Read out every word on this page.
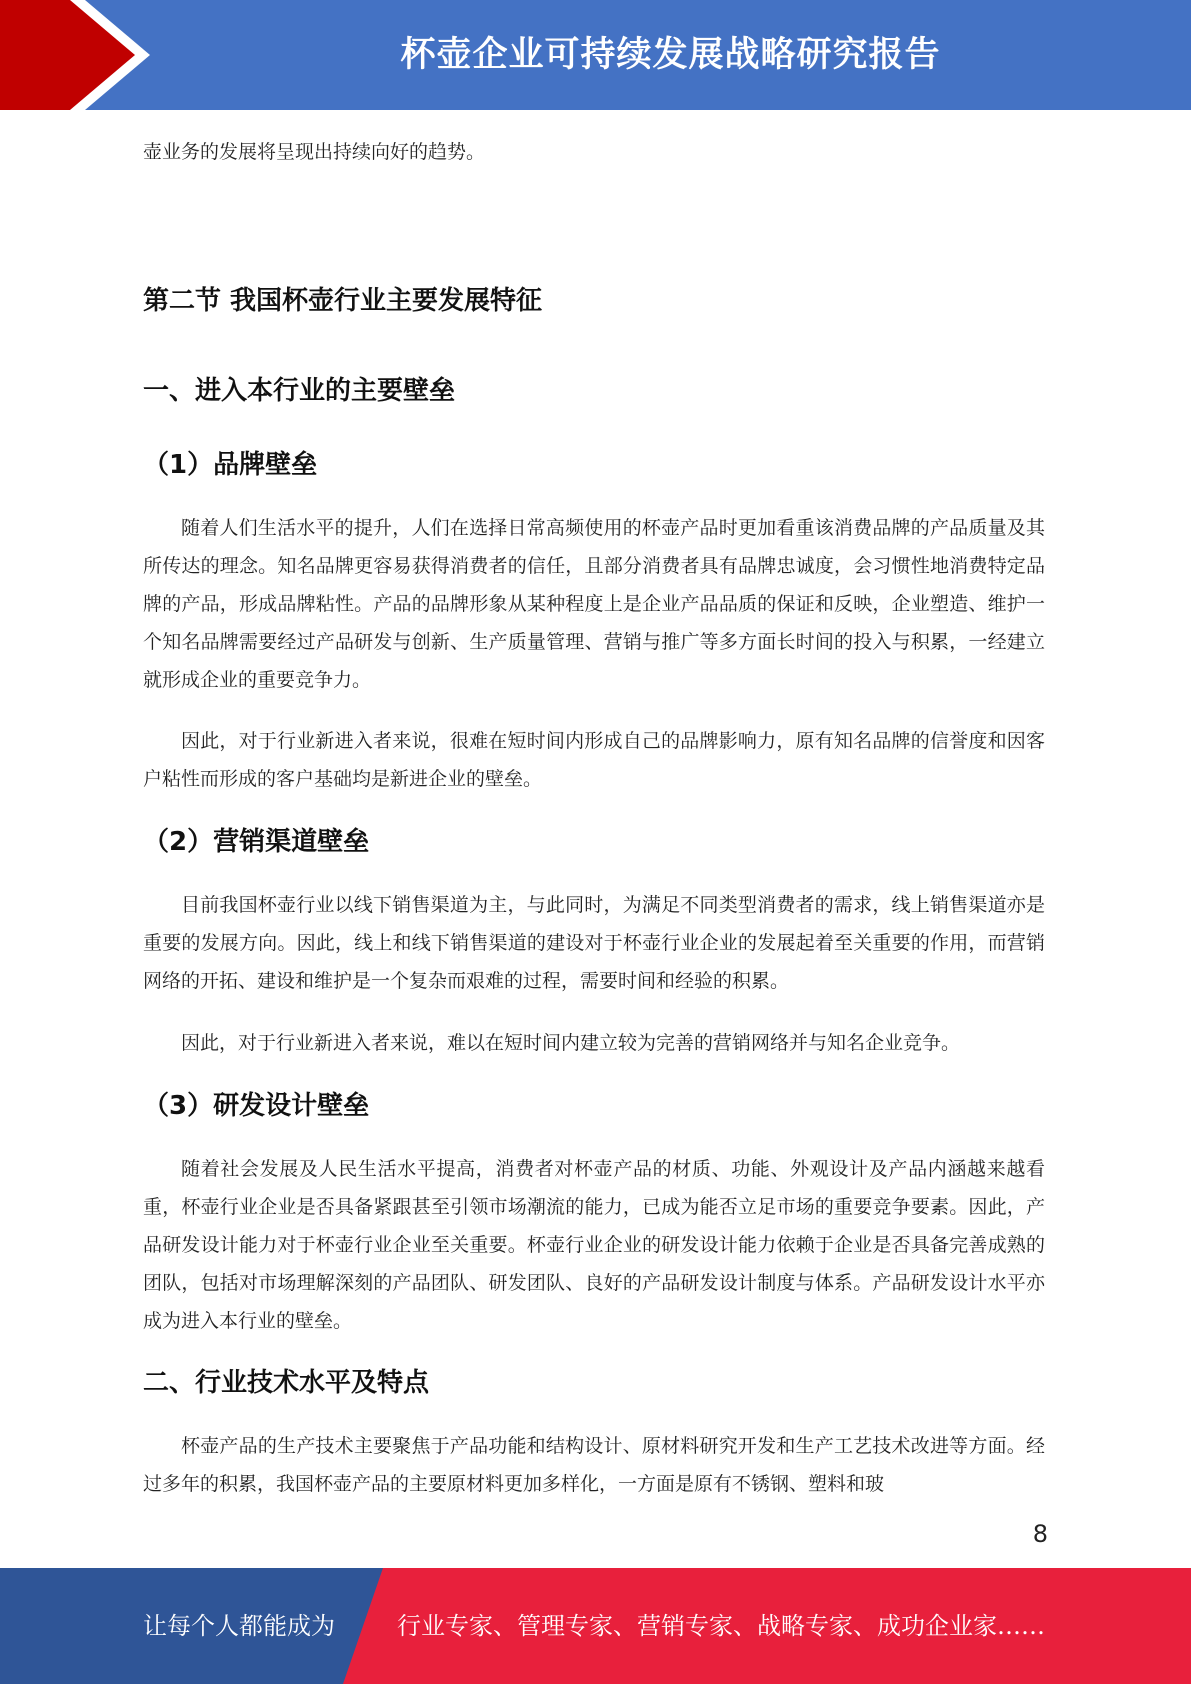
杯壶企业可持续发展战略研究报告

壶业务的发展将呈现出持续向好的趋势。

第二节 我国杯壶行业主要发展特征
一、进入本行业的主要壁垒
（1）品牌壁垒

随着人们生活水平的提升，人们在选择日常高频使用的杯壶产品时更加看重该消费品牌的产品质量及其所传达的理念。知名品牌更容易获得消费者的信任，且部分消费者具有品牌忠诚度，会习惯性地消费特定品牌的产品，形成品牌粘性。产品的品牌形象从某种程度上是企业产品品质的保证和反映，企业塑造、维护一个知名品牌需要经过产品研发与创新、生产质量管理、营销与推广等多方面长时间的投入与积累，一经建立就形成企业的重要竞争力。

因此，对于行业新进入者来说，很难在短时间内形成自己的品牌影响力，原有知名品牌的信誉度和因客户粘性而形成的客户基础均是新进企业的壁垒。

（2）营销渠道壁垒

目前我国杯壶行业以线下销售渠道为主，与此同时，为满足不同类型消费者的需求，线上销售渠道亦是重要的发展方向。因此，线上和线下销售渠道的建设对于杯壶行业企业的发展起着至关重要的作用，而营销网络的开拓、建设和维护是一个复杂而艰难的过程，需要时间和经验的积累。

因此，对于行业新进入者来说，难以在短时间内建立较为完善的营销网络并与知名企业竞争。

（3）研发设计壁垒

随着社会发展及人民生活水平提高，消费者对杯壶产品的材质、功能、外观设计及产品内涵越来越看重，杯壶行业企业是否具备紧跟甚至引领市场潮流的能力，已成为能否立足市场的重要竞争要素。因此，产品研发设计能力对于杯壶行业企业至关重要。杯壶行业企业的研发设计能力依赖于企业是否具备完善成熟的团队，包括对市场理解深刻的产品团队、研发团队、良好的产品研发设计制度与体系。产品研发设计水平亦成为进入本行业的壁垒。

二、行业技术水平及特点

杯壶产品的生产技术主要聚焦于产品功能和结构设计、原材料研究开发和生产工艺技术改进等方面。经过多年的积累，我国杯壶产品的主要原材料更加多样化，一方面是原有不锈钢、塑料和玻

8
让每个人都能成为	行业专家、管理专家、营销专家、战略专家、成功企业家……
